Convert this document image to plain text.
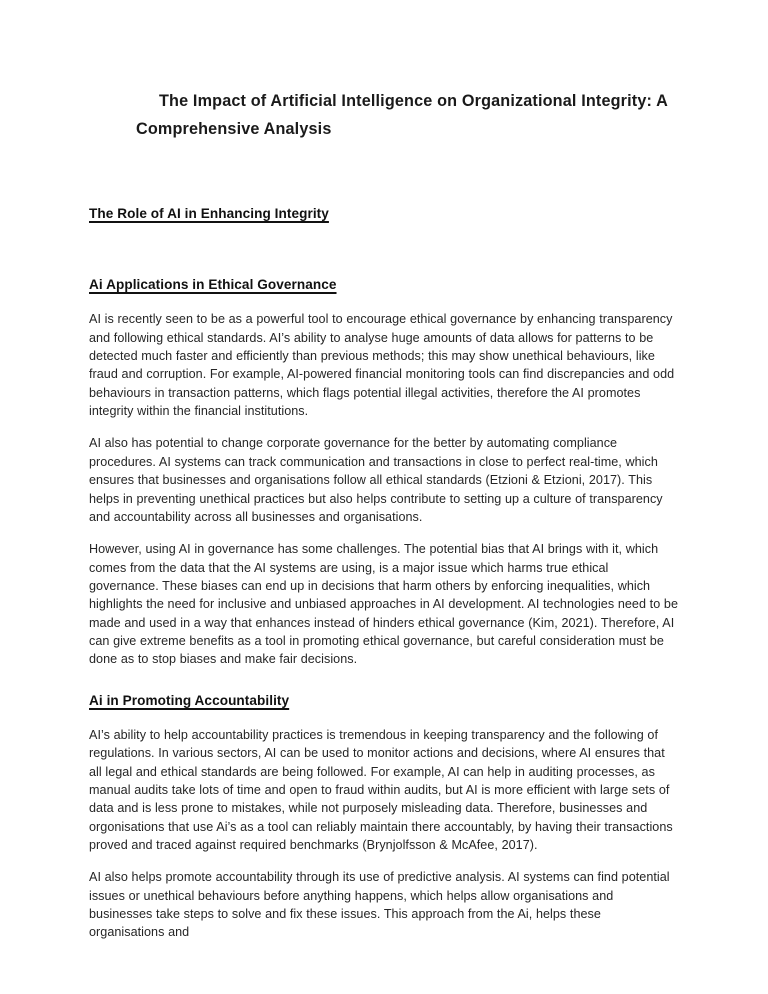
The Impact of Artificial Intelligence on Organizational Integrity: A Comprehensive Analysis
The Role of AI in Enhancing Integrity
Ai Applications in Ethical Governance

AI is recently seen to be as a powerful tool to encourage ethical governance by enhancing transparency and following ethical standards. AI’s ability to analyse huge amounts of data allows for patterns to be detected much faster and efficiently than previous methods; this may show unethical behaviours, like fraud and corruption. For example, AI-powered financial monitoring tools can find discrepancies and odd behaviours in transaction patterns, which flags potential illegal activities, therefore the AI promotes integrity within the financial institutions.

AI also has potential to change corporate governance for the better by automating compliance procedures. AI systems can track communication and transactions in close to perfect real-time, which ensures that businesses and organisations follow all ethical standards (Etzioni & Etzioni, 2017). This helps in preventing unethical practices but also helps contribute to setting up a culture of transparency and accountability across all businesses and organisations.

However, using AI in governance has some challenges. The potential bias that AI brings with it, which comes from the data that the AI systems are using, is a major issue which harms true ethical governance. These biases can end up in decisions that harm others by enforcing inequalities, which highlights the need for inclusive and unbiased approaches in AI development. AI technologies need to be made and used in a way that enhances instead of hinders ethical governance (Kim, 2021). Therefore, AI can give extreme benefits as a tool in promoting ethical governance, but careful consideration must be done as to stop biases and make fair decisions.

Ai in Promoting Accountability

AI’s ability to help accountability practices is tremendous in keeping transparency and the following of regulations. In various sectors, AI can be used to monitor actions and decisions, where AI ensures that all legal and ethical standards are being followed. For example, AI can help in auditing processes, as manual audits take lots of time and open to fraud within audits, but AI is more efficient with large sets of data and is less prone to mistakes, while not purposely misleading data. Therefore, businesses and orgonisations that use Ai’s as a tool can reliably maintain there accountably, by having their transactions proved and traced against required benchmarks (Brynjolfsson & McAfee, 2017).

AI also helps promote accountability through its use of predictive analysis. AI systems can find potential issues or unethical behaviours before anything happens, which helps allow organisations and businesses take steps to solve and fix these issues. This approach from the Ai, helps these organisations and
